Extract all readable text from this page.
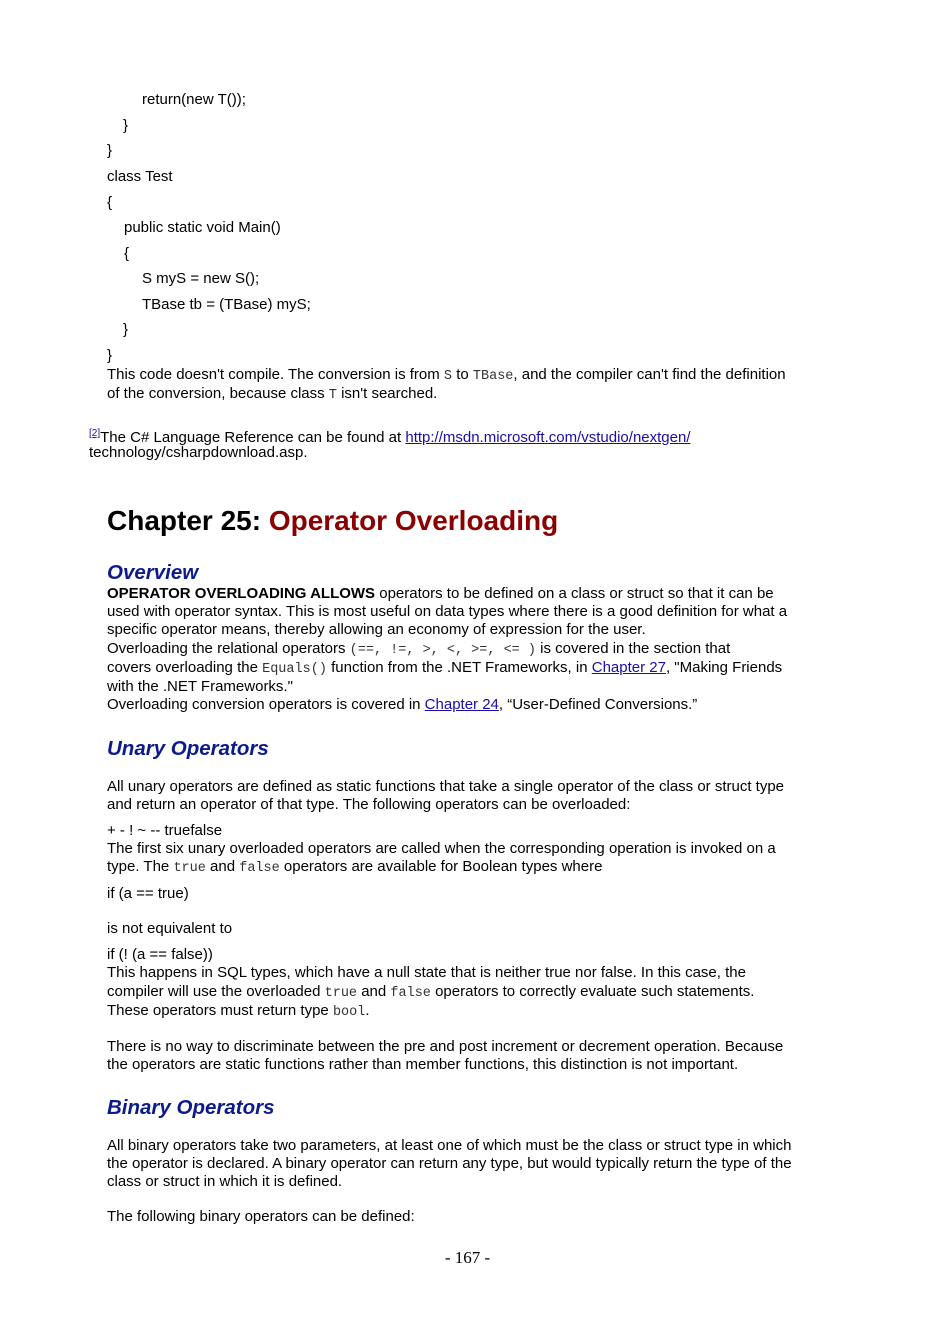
return(new T());
}
}
class Test
{
public static void Main()
{
S myS = new S();
TBase tb = (TBase) myS;
}
}
This code doesn't compile. The conversion is from S to TBase, and the compiler can't find the definition
of the conversion, because class T isn't searched.
[2]The C# Language Reference can be found at http://msdn.microsoft.com/vstudio/nextgen/
technology/csharpdownload.asp.
Chapter 25: Operator Overloading
Overview
OPERATOR OVERLOADING ALLOWS operators to be defined on a class or struct so that it can be
used with operator syntax. This is most useful on data types where there is a good definition for what a
specific operator means, thereby allowing an economy of expression for the user.
Overloading the relational operators (==, !=, >, <, >=, <= ) is covered in the section that
covers overloading the Equals() function from the .NET Frameworks, in Chapter 27, "Making Friends
with the .NET Frameworks."
Overloading conversion operators is covered in Chapter 24, “User-Defined Conversions.”
Unary Operators
All unary operators are defined as static functions that take a single operator of the class or struct type
and return an operator of that type. The following operators can be overloaded:
+ - ! ~ -- truefalse
The first six unary overloaded operators are called when the corresponding operation is invoked on a
type. The true and false operators are available for Boolean types where
if (a == true)
is not equivalent to
if (! (a == false))
This happens in SQL types, which have a null state that is neither true nor false. In this case, the
compiler will use the overloaded true and false operators to correctly evaluate such statements.
These operators must return type bool.
There is no way to discriminate between the pre and post increment or decrement operation. Because
the operators are static functions rather than member functions, this distinction is not important.
Binary Operators
All binary operators take two parameters, at least one of which must be the class or struct type in which
the operator is declared. A binary operator can return any type, but would typically return the type of the
class or struct in which it is defined.
The following binary operators can be defined:
- 167 -
